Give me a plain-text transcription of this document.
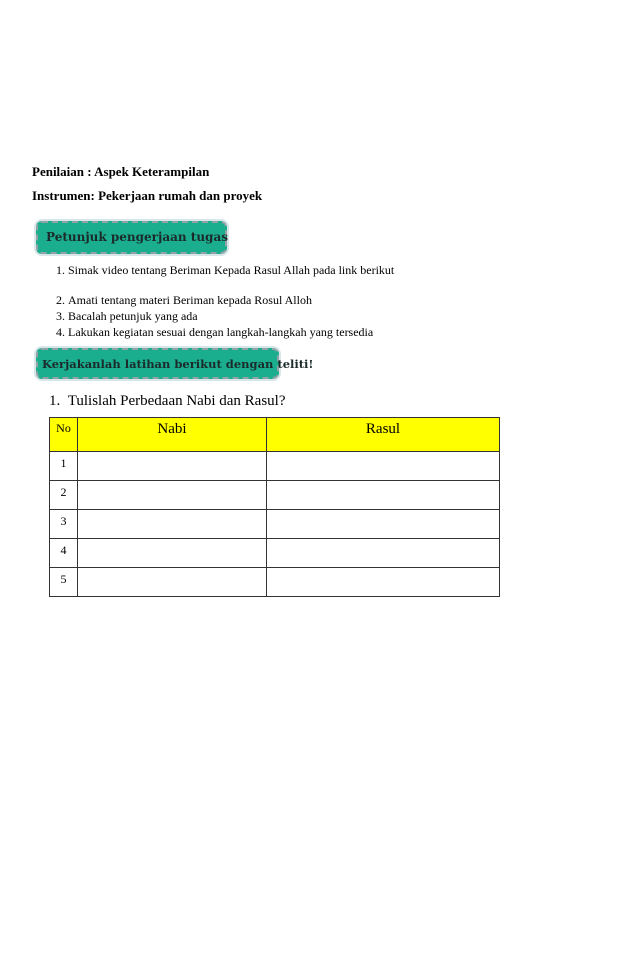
Penilaian : Aspek Keterampilan
Instrumen: Pekerjaan rumah dan proyek
Petunjuk pengerjaan tugas
1. Simak video tentang Beriman Kepada Rasul Allah pada link berikut
2. Amati tentang materi Beriman kepada Rosul Alloh
3. Bacalah petunjuk yang ada
4. Lakukan kegiatan sesuai dengan langkah-langkah yang tersedia
Kerjakanlah latihan berikut dengan teliti!
1. Tulislah Perbedaan Nabi dan Rasul?
No	Nabi	Rasul
1		
2		
3		
4		
5		
